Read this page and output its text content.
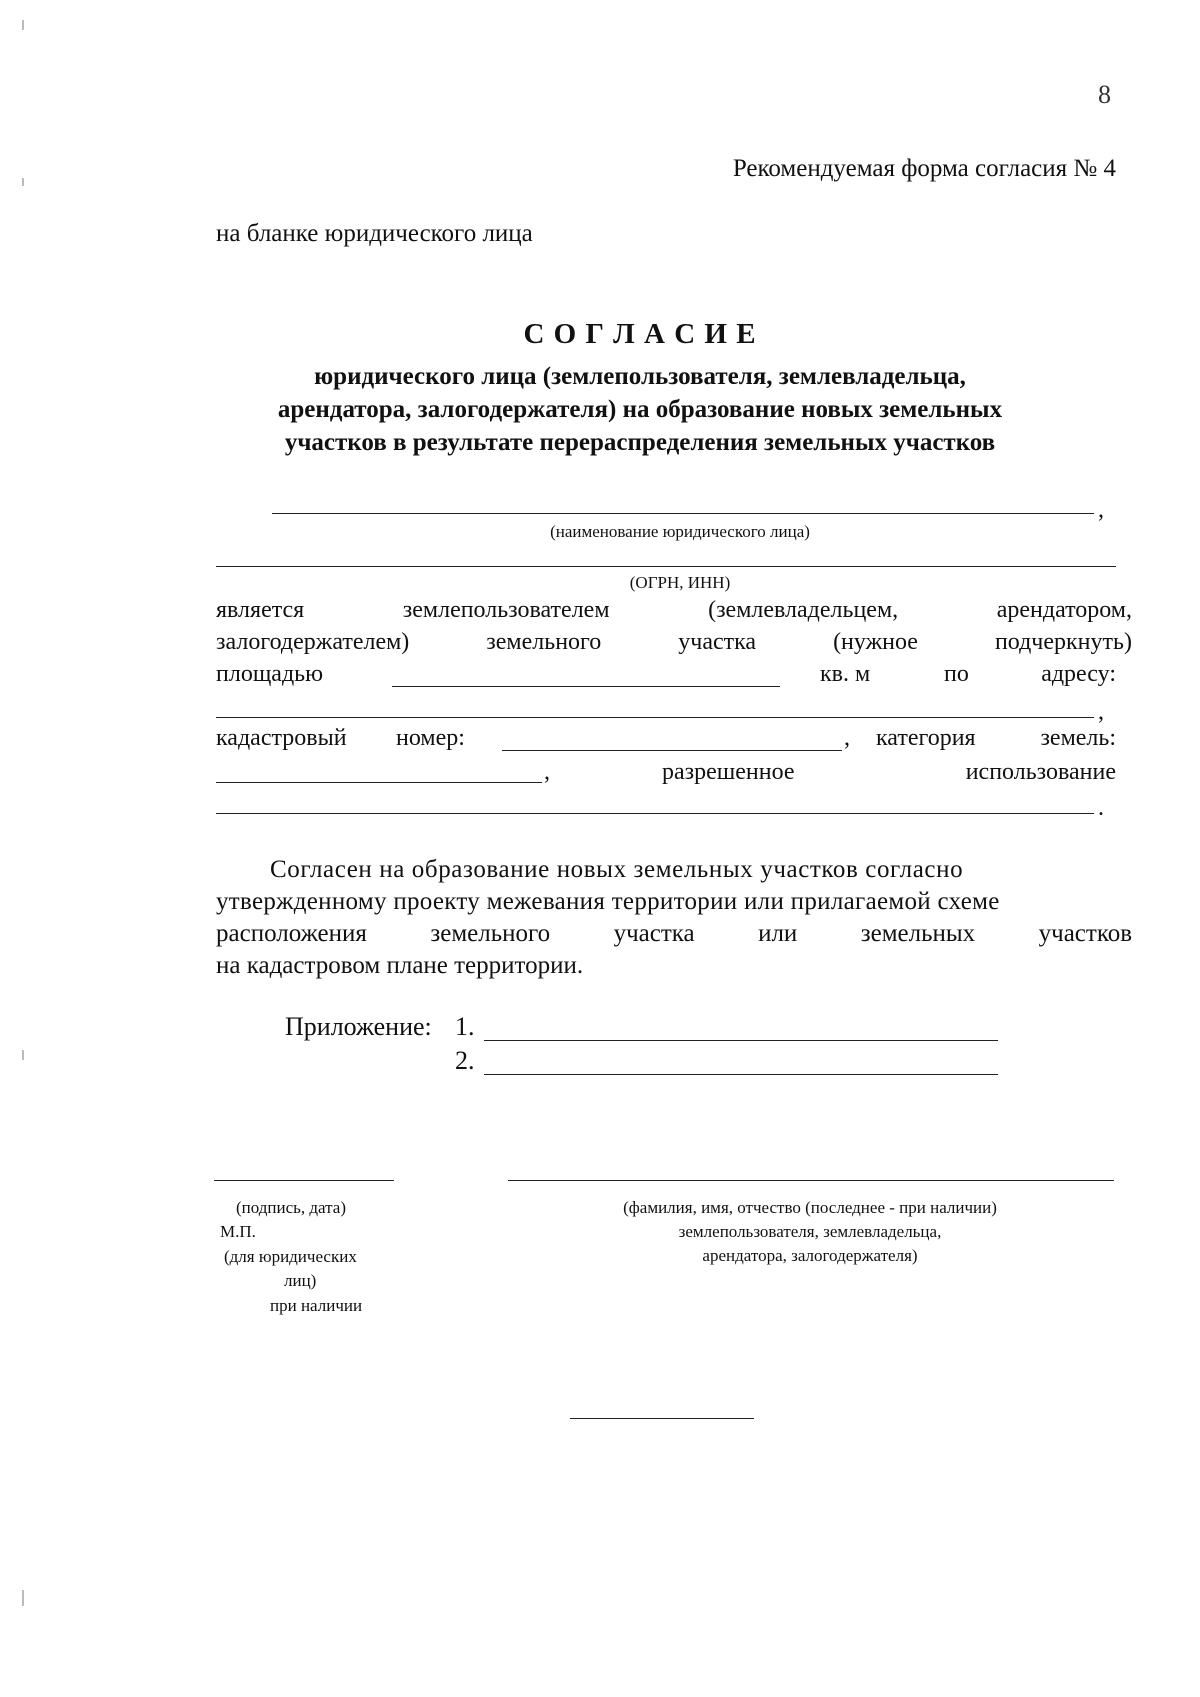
8
Рекомендуемая форма согласия № 4
на бланке юридического лица
С О Г Л А С И Е
юридического лица (землепользователя, землевладельца,
арендатора, залогодержателя) на образование новых земельных
участков в результате перераспределения земельных участков
,
(наименование юридического лица)
(ОГРН, ИНН)
является	землепользователем	(землевладельцем,	арендатором,
залогодержателем)	земельного	участка	(нужное	подчеркнуть)
площадью	кв. м	по	адресу:
,
кадастровый номер:	, категория	земель:
,	разрешенное	использование
.
Согласен на образование новых земельных участков согласно
утвержденному проекту межевания территории или прилагаемой схеме
расположения	земельного	участка	или	земельных	участков
на кадастровом плане территории.
Приложение: 1.
2.
(подпись, дата)
М.П.
(для юридических
лиц)
при наличии
(фамилия, имя, отчество (последнее - при наличии)
землепользователя, землевладельца,
арендатора, залогодержателя)
